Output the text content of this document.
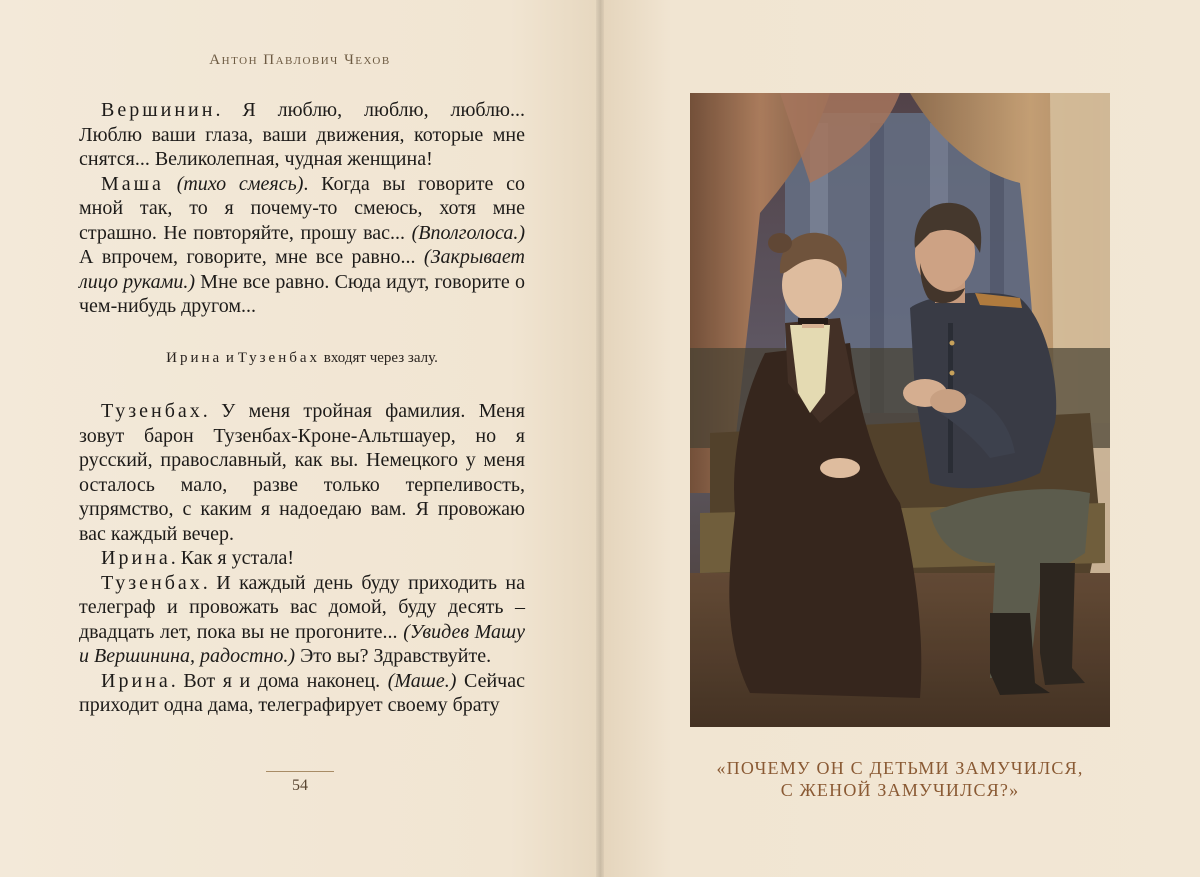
Антон Павлович Чехов

Вершинин. Я люблю, люблю, люблю... Люблю ваши глаза, ваши движения, которые мне снятся... Великолепная, чудная женщина!

Маша (тихо смеясь). Когда вы говорите со мной так, то я почему-то смеюсь, хотя мне страшно. Не повторяйте, прошу вас... (Вполголоса.) А впрочем, говорите, мне все равно... (Закрывает лицо руками.) Мне все равно. Сюда идут, говорите о чем-нибудь другом...

Ирина и Тузенбах входят через залу.

Тузенбах. У меня тройная фамилия. Меня зовут барон Тузенбах-Кроне-Альтшауер, но я русский, православный, как вы. Немецкого у меня осталось мало, разве только терпеливость, упрямство, с каким я надоедаю вам. Я провожаю вас каждый вечер.

Ирина. Как я устала!

Тузенбах. И каждый день буду приходить на телеграф и провожать вас домой, буду десять – двадцать лет, пока вы не прогоните... (Увидев Машу и Вершинина, радостно.) Это вы? Здравствуйте.

Ирина. Вот я и дома наконец. (Маше.) Сейчас приходит одна дама, телеграфирует своему брату

54
«ПОЧЕМУ ОН С ДЕТЬМИ ЗАМУЧИЛСЯ,
С ЖЕНОЙ ЗАМУЧИЛСЯ?»
